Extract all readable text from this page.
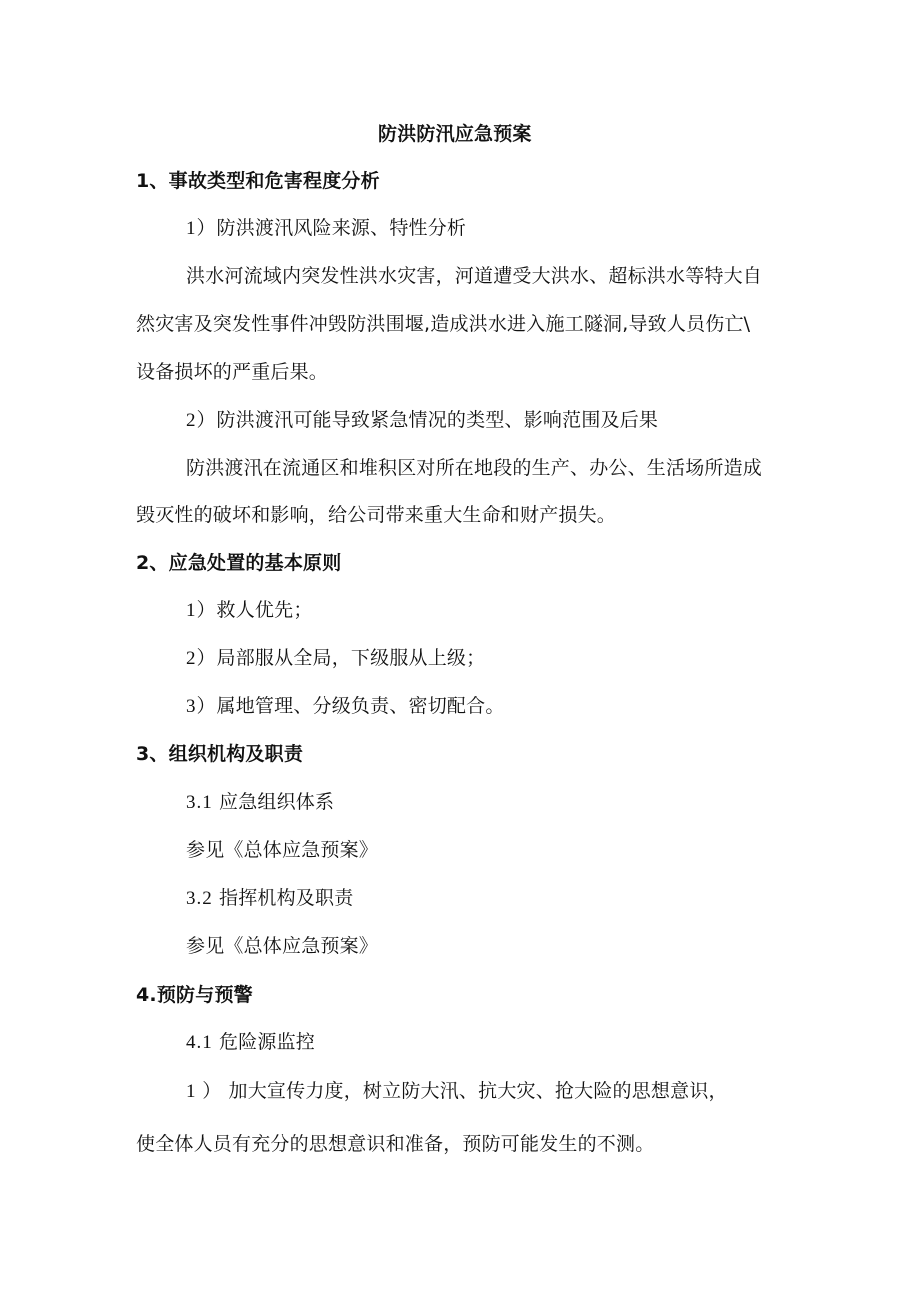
防洪防汛应急预案
1、事故类型和危害程度分析
1）防洪渡汛风险来源、特性分析
洪水河流域内突发性洪水灾害，河道遭受大洪水、超标洪水等特大自
然灾害及突发性事件冲毁防洪围堰,造成洪水进入施工隧洞,导致人员伤亡\
设备损坏的严重后果。
2）防洪渡汛可能导致紧急情况的类型、影响范围及后果
防洪渡汛在流通区和堆积区对所在地段的生产、办公、生活场所造成
毁灭性的破坏和影响，给公司带来重大生命和财产损失。
2、应急处置的基本原则
1）救人优先；
2）局部服从全局，下级服从上级；
3）属地管理、分级负责、密切配合。
3、组织机构及职责
3.1 应急组织体系
参见《总体应急预案》
3.2 指挥机构及职责
参见《总体应急预案》
4.预防与预警
4.1 危险源监控
1 ） 加大宣传力度，树立防大汛、抗大灾、抢大险的思想意识，
使全体人员有充分的思想意识和准备，预防可能发生的不测。
